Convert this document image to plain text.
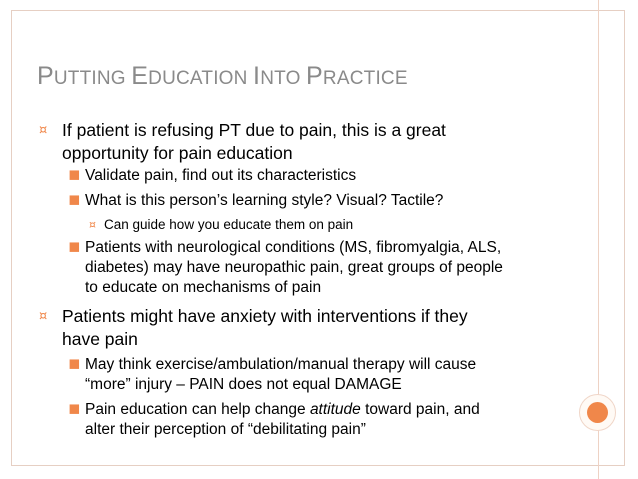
PUTTING EDUCATION INTO PRACTICE
¤ If patient is refusing PT due to pain, this is a great
opportunity for pain education
▪ Validate pain, find out its characteristics
▪ What is this person’s learning style? Visual? Tactile?
¤ Can guide how you educate them on pain
▪ Patients with neurological conditions (MS, fibromyalgia, ALS,
diabetes) may have neuropathic pain, great groups of people
to educate on mechanisms of pain
¤ Patients might have anxiety with interventions if they
have pain
▪ May think exercise/ambulation/manual therapy will cause
“more” injury – PAIN does not equal DAMAGE
▪ Pain education can help change attitude toward pain, and
alter their perception of “debilitating pain”
